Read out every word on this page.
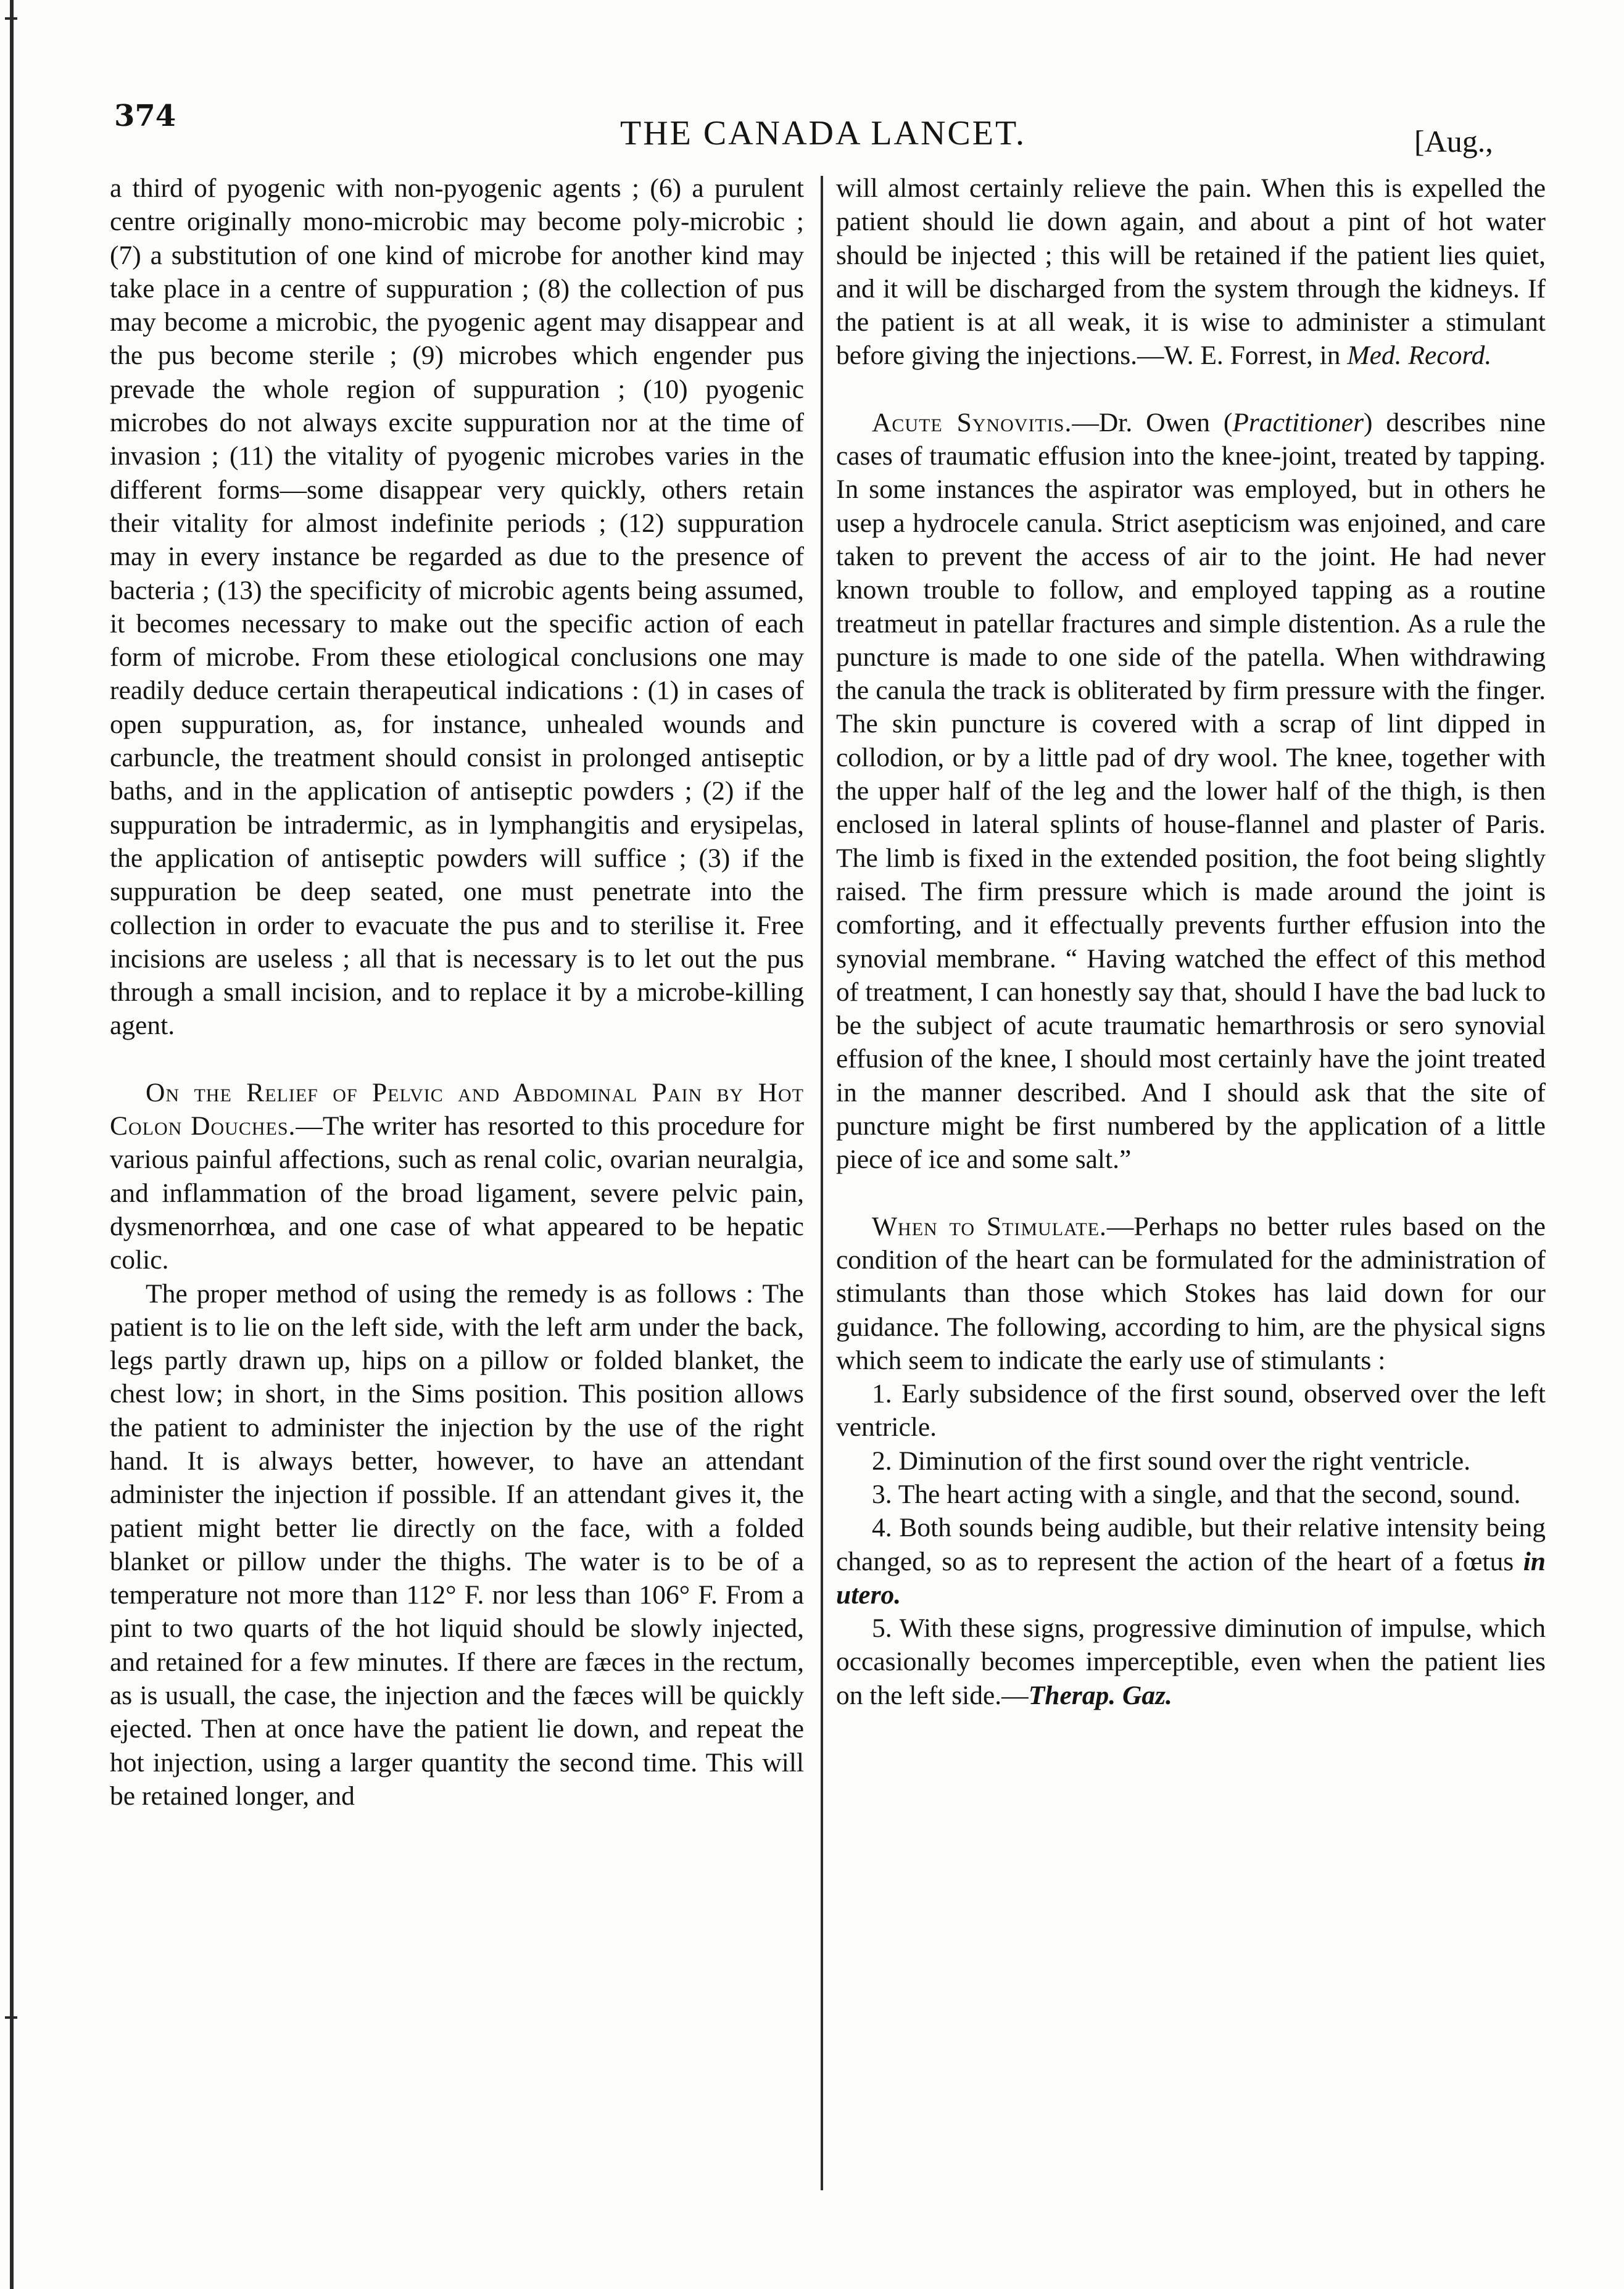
374	THE CANADA LANCET.	[Aug.,

a third of pyogenic with non-pyogenic agents ; (6) a purulent centre originally mono-microbic may become poly-microbic ; (7) a substitution of one kind of microbe for another kind may take place in a centre of suppuration ; (8) the collection of pus may become a microbic, the pyogenic agent may disappear and the pus become sterile ; (9) microbes which engender pus prevade the whole region of suppuration ; (10) pyogenic microbes do not always excite suppuration nor at the time of invasion ; (11) the vitality of pyogenic microbes varies in the different forms—some disappear very quickly, others retain their vitality for almost indefinite periods ; (12) suppuration may in every instance be regarded as due to the presence of bacteria ; (13) the specificity of microbic agents being assumed, it becomes necessary to make out the specific action of each form of microbe. From these etiological conclusions one may readily deduce certain therapeutical indications : (1) in cases of open suppuration, as, for instance, unhealed wounds and carbuncle, the treatment should consist in prolonged antiseptic baths, and in the application of antiseptic powders ; (2) if the suppuration be intradermic, as in lymphangitis and erysipelas, the application of antiseptic powders will suffice ; (3) if the suppuration be deep seated, one must penetrate into the collection in order to evacuate the pus and to sterilise it. Free incisions are useless ; all that is necessary is to let out the pus through a small incision, and to replace it by a microbe-killing agent.

On the Relief of Pelvic and Abdominal Pain by Hot Colon Douches.—The writer has resorted to this procedure for various painful affections, such as renal colic, ovarian neuralgia, and inflammation of the broad ligament, severe pelvic pain, dysmenorrhœa, and one case of what appeared to be hepatic colic.

The proper method of using the remedy is as follows : The patient is to lie on the left side, with the left arm under the back, legs partly drawn up, hips on a pillow or folded blanket, the chest low; in short, in the Sims position. This position allows the patient to administer the injection by the use of the right hand. It is always better, however, to have an attendant administer the injection if possible. If an attendant gives it, the patient might better lie directly on the face, with a folded blanket or pillow under the thighs. The water is to be of a temperature not more than 112° F. nor less than 106° F. From a pint to two quarts of the hot liquid should be slowly injected, and retained for a few minutes. If there are fæces in the rectum, as is usuall, the case, the injection and the fæces will be quickly ejected. Then at once have the patient lie down, and repeat the hot injection, using a larger quantity the second time. This will be retained longer, and

will almost certainly relieve the pain. When this is expelled the patient should lie down again, and about a pint of hot water should be injected ; this will be retained if the patient lies quiet, and it will be discharged from the system through the kidneys. If the patient is at all weak, it is wise to administer a stimulant before giving the injections.—W. E. Forrest, in Med. Record.

Acute Synovitis.—Dr. Owen (Practitioner) describes nine cases of traumatic effusion into the knee-joint, treated by tapping. In some instances the aspirator was employed, but in others he usep a hydrocele canula. Strict asepticism was enjoined, and care taken to prevent the access of air to the joint. He had never known trouble to follow, and employed tapping as a routine treatmeut in patellar fractures and simple distention. As a rule the puncture is made to one side of the patella. When withdrawing the canula the track is obliterated by firm pressure with the finger. The skin puncture is covered with a scrap of lint dipped in collodion, or by a little pad of dry wool. The knee, together with the upper half of the leg and the lower half of the thigh, is then enclosed in lateral splints of house-flannel and plaster of Paris. The limb is fixed in the extended position, the foot being slightly raised. The firm pressure which is made around the joint is comforting, and it effectually prevents further effusion into the synovial membrane. “ Having watched the effect of this method of treatment, I can honestly say that, should I have the bad luck to be the subject of acute traumatic hemarthrosis or sero synovial effusion of the knee, I should most certainly have the joint treated in the manner described. And I should ask that the site of puncture might be first numbered by the application of a little piece of ice and some salt.”

When to Stimulate.—Perhaps no better rules based on the condition of the heart can be formulated for the administration of stimulants than those which Stokes has laid down for our guidance. The following, according to him, are the physical signs which seem to indicate the early use of stimulants :

1. Early subsidence of the first sound, observed over the left ventricle.

2. Diminution of the first sound over the right ventricle.

3. The heart acting with a single, and that the second, sound.

4. Both sounds being audible, but their relative intensity being changed, so as to represent the action of the heart of a fœtus in utero.

5. With these signs, progressive diminution of impulse, which occasionally becomes imperceptible, even when the patient lies on the left side.—Therap. Gaz.
